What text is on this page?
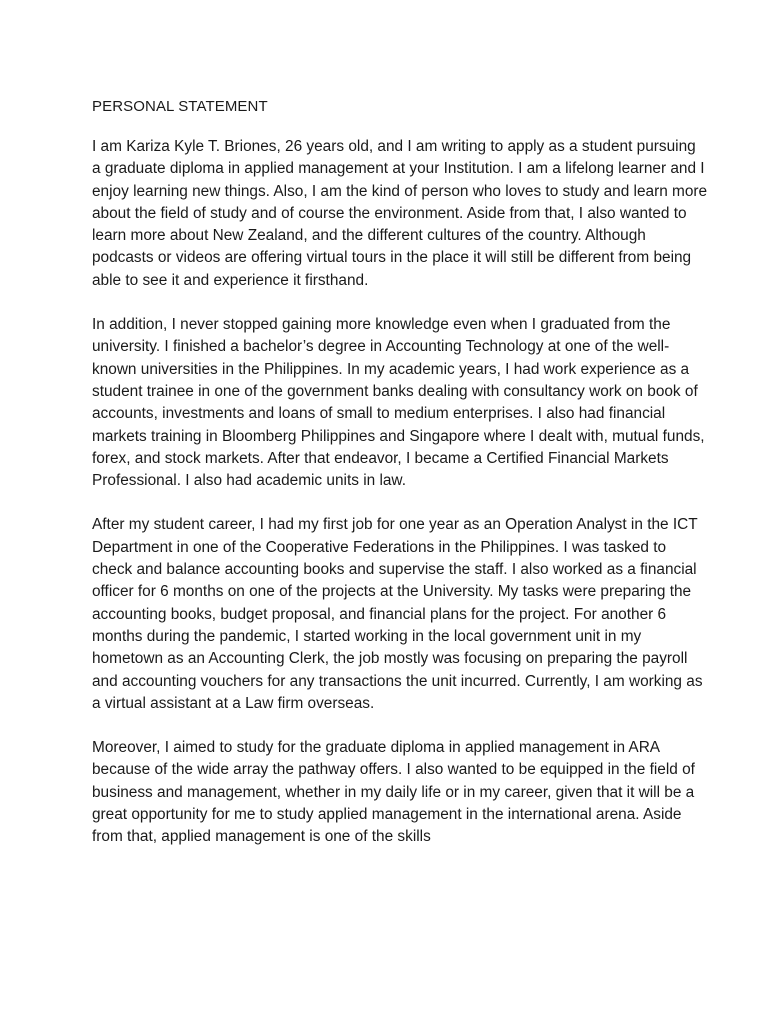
PERSONAL STATEMENT

I am Kariza Kyle T. Briones, 26 years old, and I am writing to apply as a student pursuing a graduate diploma in applied management at your Institution. I am a lifelong learner and I enjoy learning new things. Also, I am the kind of person who loves to study and learn more about the field of study and of course the environment. Aside from that, I also wanted to learn more about New Zealand, and the different cultures of the country. Although podcasts or videos are offering virtual tours in the place it will still be different from being able to see it and experience it firsthand.

In addition, I never stopped gaining more knowledge even when I graduated from the university. I finished a bachelor’s degree in Accounting Technology at one of the well-known universities in the Philippines. In my academic years, I had work experience as a student trainee in one of the government banks dealing with consultancy work on book of accounts, investments and loans of small to medium enterprises. I also had financial markets training in Bloomberg Philippines and Singapore where I dealt with, mutual funds, forex, and stock markets. After that endeavor, I became a Certified Financial Markets Professional. I also had academic units in law.

After my student career, I had my first job for one year as an Operation Analyst in the ICT Department in one of the Cooperative Federations in the Philippines. I was tasked to check and balance accounting books and supervise the staff. I also worked as a financial officer for 6 months on one of the projects at the University. My tasks were preparing the accounting books, budget proposal, and financial plans for the project. For another 6 months during the pandemic, I started working in the local government unit in my hometown as an Accounting Clerk, the job mostly was focusing on preparing the payroll and accounting vouchers for any transactions the unit incurred. Currently, I am working as a virtual assistant at a Law firm overseas.

Moreover, I aimed to study for the graduate diploma in applied management in ARA because of the wide array the pathway offers. I also wanted to be equipped in the field of business and management, whether in my daily life or in my career, given that it will be a great opportunity for me to study applied management in the international arena. Aside from that, applied management is one of the skills
